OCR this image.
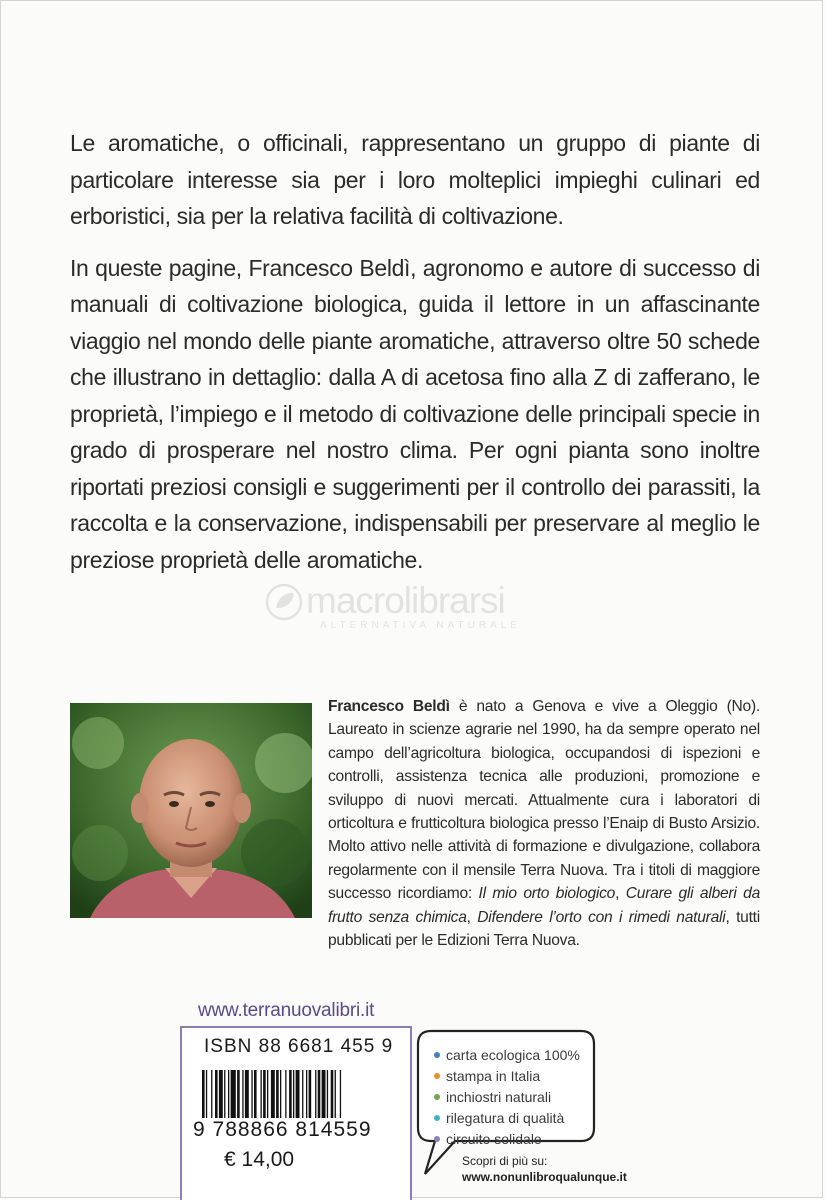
Le aromatiche, o officinali, rappresentano un gruppo di piante di particolare interesse sia per i loro molteplici impieghi culinari ed erboristici, sia per la relativa facilità di coltivazione.

In queste pagine, Francesco Beldì, agronomo e autore di successo di manuali di coltivazione biologica, guida il lettore in un affascinante viaggio nel mondo delle piante aromatiche, attraverso oltre 50 schede che illustrano in dettaglio: dalla A di acetosa fino alla Z di zafferano, le proprietà, l’impiego e il metodo di coltivazione delle principali specie in grado di prosperare nel nostro clima. Per ogni pianta sono inoltre riportati preziosi consigli e suggerimenti per il controllo dei parassiti, la raccolta e la conservazione, indispensabili per preservare al meglio le preziose proprietà delle aromatiche.

macrolibrarsi
ALTERNATIVA NATURALE
Francesco Beldì è nato a Genova e vive a Oleggio (No). Laureato in scienze agrarie nel 1990, ha da sempre operato nel campo dell’agricoltura biologica, occupandosi di ispezioni e controlli, assistenza tecnica alle produzioni, promozione e sviluppo di nuovi mercati. Attualmente cura i laboratori di orticoltura e frutticoltura biologica presso l’Enaip di Busto Arsizio. Molto attivo nelle attività di formazione e divulgazione, collabora regolarmente con il mensile Terra Nuova. Tra i titoli di maggiore successo ricordiamo: Il mio orto biologico, Curare gli alberi da frutto senza chimica, Difendere l’orto con i rimedi naturali, tutti pubblicati per le Edizioni Terra Nuova.
www.terranuovalibri.it
ISBN 88 6681 455 9
9 788866 814559
€ 14,00
carta ecologica 100%
stampa in Italia
inchiostri naturali
rilegatura di qualità
circuito solidale
Scopri di più su:
www.nonunlibroqualunque.it
